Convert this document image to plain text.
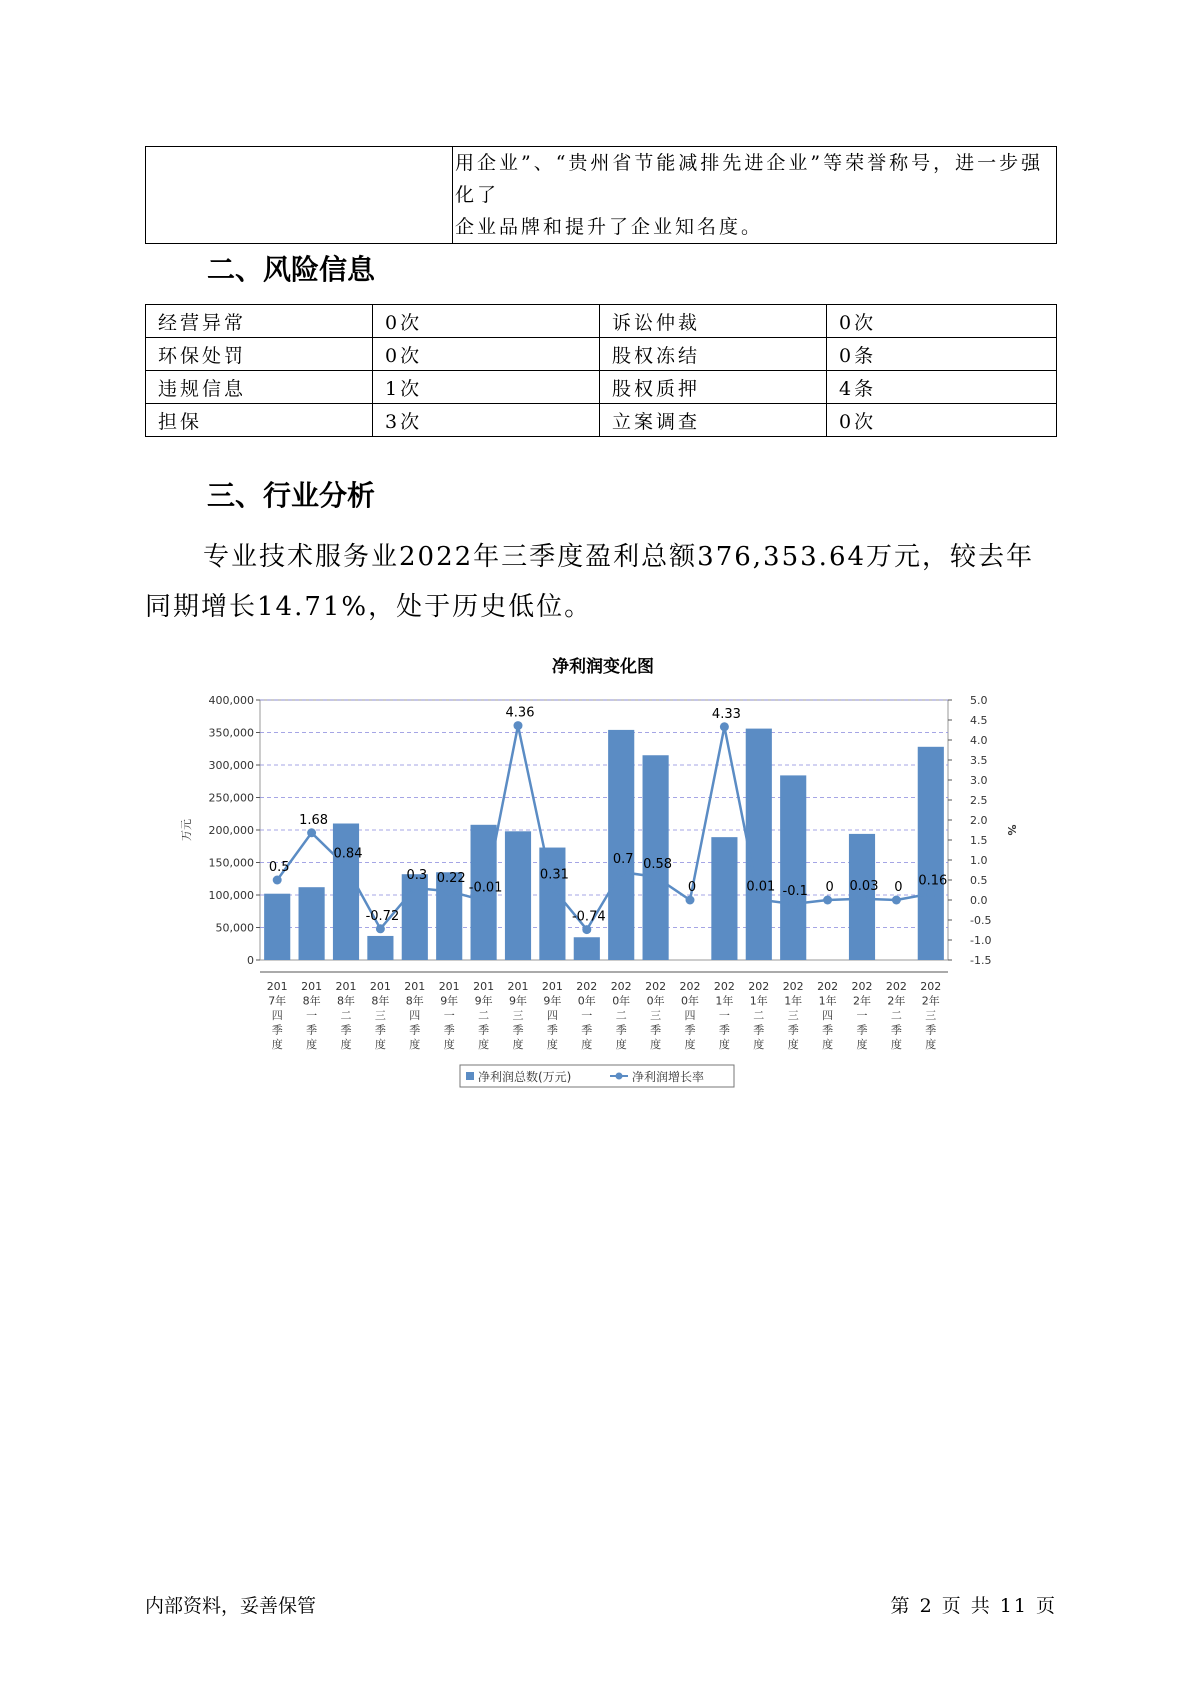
用企业”、“贵州省节能减排先进企业”等荣誉称号，进一步强化了
企业品牌和提升了企业知名度。
二、风险信息
经营异常	0次	诉讼仲裁	0次
环保处罚	0次	股权冻结	0条
违规信息	1次	股权质押	4条
担保	3次	立案调查	0次
三、行业分析
专业技术服务业2022年三季度盈利总额376,353.64万元，较去年同期增长14.71%，处于历史低位。
净利润变化图
0.5
1.68
0.84
-0.72
0.3 0.22
-0.01
4.36
0.31
-0.74
0.7 0.58
0
4.33
0.01 -0.1 0 0.03 0 0.16
0
50,000
100,000
150,000
200,000
250,000
300,000
350,000
400,000
-1.5
-1.0
-0.5
0.0
0.5
1.0
1.5
2.0
2.5
3.0
3.5
4.0
4.5
5.0
万元	%
201 7年四季度
201 8年一季度
201 8年二季度
201 8年三季度
201 8年四季度
201 9年一季度
201 9年二季度
201 9年三季度
201 9年四季度
202 0年一季度
202 0年二季度
202 0年三季度
202 0年四季度
202 1年一季度
202 1年二季度
202 1年三季度
202 1年四季度
202 2年一季度
202 2年二季度
202 2年三季度
净利润总数(万元)	净利润增长率
内部资料，妥善保管	第 2 页 共 11 页
